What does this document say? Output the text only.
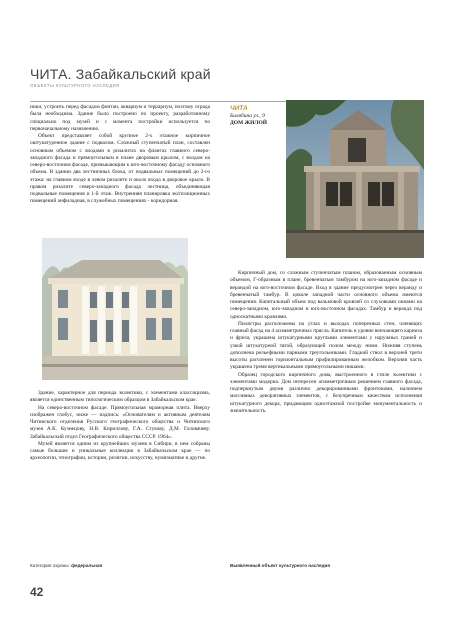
ЧИТА. Забайкальский край
ОБЪЕКТЫ КУЛЬТУРНОГО НАСЛЕДИЯ

ники, устроить перед фасадом фонтан, аквариум и террариум, поэтому ограда была необходима. Здание было построено по проекту, разработанному специально под музей и с момента постройки используется по первоначальному назначению.

Объект представляет собой крупное 2-х этажное кирпичное оштукатуренное здание с подвалом. Сложный ступенчатый план, составлен основным объемом с входами в ризалитах на флангах главного северо-западного фасада и прямоугольным в плане дворовым крылом, с входом на северо-восточном фасаде, примыкающим к юго-восточному фасаду основного объема. В здании два лестничных блока, от подвальных помещений до 2-го этажа: на главном входе в левом ризалите и около входа в дворовое крыло. В правом ризалите северо-западного фасада лестница, объединяющая подвальные помещения и 1-й этаж. Внутренняя планировка экспозиционных помещений анфиладная, в служебных помещениях - коридорная.

Здание, характерное для периода эклектики, с элементами классицизма, является единственным типологическим образцом в Забайкальском крае.

На северо-восточном фасаде. Прямоугольная мраморная плита. Вверху изображен глобус, ниже — надпись: «Основателям и активным деятелям Читинского отделения Русского географического общества и Читинского музея А.К. Кузнецову, Н.В. Кириллову, Г.А. Стукову, Д.М. Головачеву. Забайкальский отдел Географического общества СССР. 1964».

Музей является одним из крупнейших музеев в Сибири, в нем собраны самые большие и уникальные коллекции в Забайкальском крае — по археологии, этнографии, истории, религии, искусству, нумизматике и другие.

ЧИТА
Балябина ул., 9
ДОМ ЖИЛОЙ

Кирпичный дом, со сложным ступенчатым планом, образованным основным объемом, Г-образным в плане, бревенчатым тамбуром на юго-западном фасаде и верандой на юго-восточном фасаде. Вход в здание предусмотрен через веранду и бревенчатый тамбур. В цоколе западной части основного объема имеются помещения. Капитальный объем под вальмовой кровлей со слуховыми окнами на северо-западном, юго-западном и юго-восточном фасадах. Тамбур и веранда под односкатными кровлями.

Пилястры расположены на углах и выходах поперечных стен, членящих главный фасад на 4 асимметричных прясла. Капитель в уровне венчающего карниза и фриза, украшена штукатурными круглыми элементами у наружных граней и узкой штукатурной тягой, образующей полом между ними. Нижняя ступень дополнена рельефными парными треугольниками. Гладкий ствол в верхней трети высоты расчленен горизонтальным профилированным желобком. Верхняя часть украшена тремя вертикальными прямоугольными нишами.

Образец городского кирпичного дома, выстроенного в стиле эклектики с элементами модерна. Дом интересен асимметричным решением главного фасада, подчеркнутым двумя различно декорированными фронтонами, наличием массивных декоративных элементов, с безупречным качеством исполнения штукатурного декора, придающим одноэтажной постройке монументальность и значительность.

Категория охраны: федеральная	Выявленный объект культурного наследия
42
